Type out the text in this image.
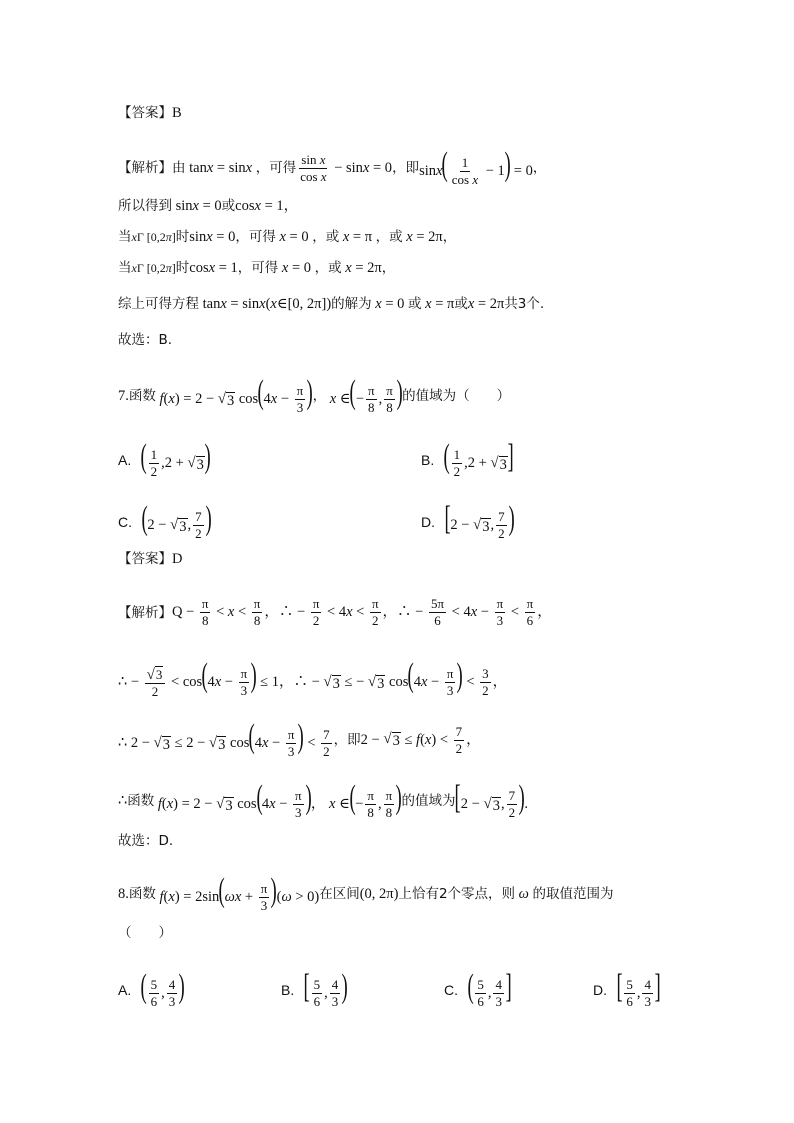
【答案】 B
【解析】 由 tanx = sinx ，可得 $\frac{\text{sin x}}{\text{cos x}} - \sin x = 0$ ，即 $\sin x( \frac{1}{\text{cos x}} - 1) = 0$ ，
所以得到 sinx = 0 或 cosx = 1，
当 xΓ [0,2π] 时 sinx = 0 ，可得 x = 0 ，或 x = π ，或 x = 2π ，
当 xΓ [0,2π] 时 cosx = 1 ，可得 x = 0 ，或 x = 2π ，
综上可得方程 tanx = sinx(x∈[0, 2π]) 的解为 x = 0 或 x = π 或 x = 2π 共3个.
故选：B.
7. 函数 f(x) = 2 − √ 3 $\cos(4x - \frac{\pi}{3}$ ) ， x ∈(− $\frac{\pi}{8}$ , $\frac{\pi}{8}$ ) 的值域为（　　）
A. ( $\frac{1}{2} ,2$ + √ 3 )	B. ( $\frac{1}{2} ,2$ + √ 3 ]
C. (2 − √ 3 , $\frac{7}{2}$ )	D. [2 − √ 3 , $\frac{7}{2}$ )
【答案】 D
【解析】 $Q - \frac{\pi}{8} < x < \frac{\pi}{8}$ ，∴ − $\frac{\pi}{2} < 4x < \frac{\pi}{2}$ ，∴ − $\frac{5\pi}{6} < 4x - \frac{\pi}{3} < \frac{\pi}{6}$ ，
∴ − $\frac{√ 3}{2} < \cos(4x - \frac{\pi}{3}$ ) ≤ 1，∴ − √ 3 ≤ − √ 3 $\cos(4x - \frac{\pi}{3}$ ) < $\frac{3}{2}$ ，
∴ 2 − √ 3 ≤ 2 − √ 3 $\cos(4x - \frac{\pi}{3}$ ) < $\frac{7}{2}$ ，即 2 − √ $3 \le f(x) < \frac{7}{2}$ ，
∴ 函数 f(x) = 2 − √ 3 $\cos(4x - \frac{\pi}{3}$ )， x ∈(− $\frac{\pi}{8}$ , $\frac{\pi}{8}$ ) 的值域为 [2 − √ 3 , $\frac{7}{2}$ ).
故选：D.
8. 函数 $f(x) = 2\sin(\omega x + \frac{\pi}{3} )(\omega > 0)$ 在区间 (0, 2π) 上恰有2个零点，则 ω 的取值范围为
（　　）
A. ( $\frac{5}{6}$ , $\frac{4}{3}$ )	B. [ $\frac{5}{6}$ , $\frac{4}{3}$ )	C. ( $\frac{5}{6}$ , $\frac{4}{3}$ ]	D. [ $\frac{5}{6}$ , $\frac{4}{3}$ ]
